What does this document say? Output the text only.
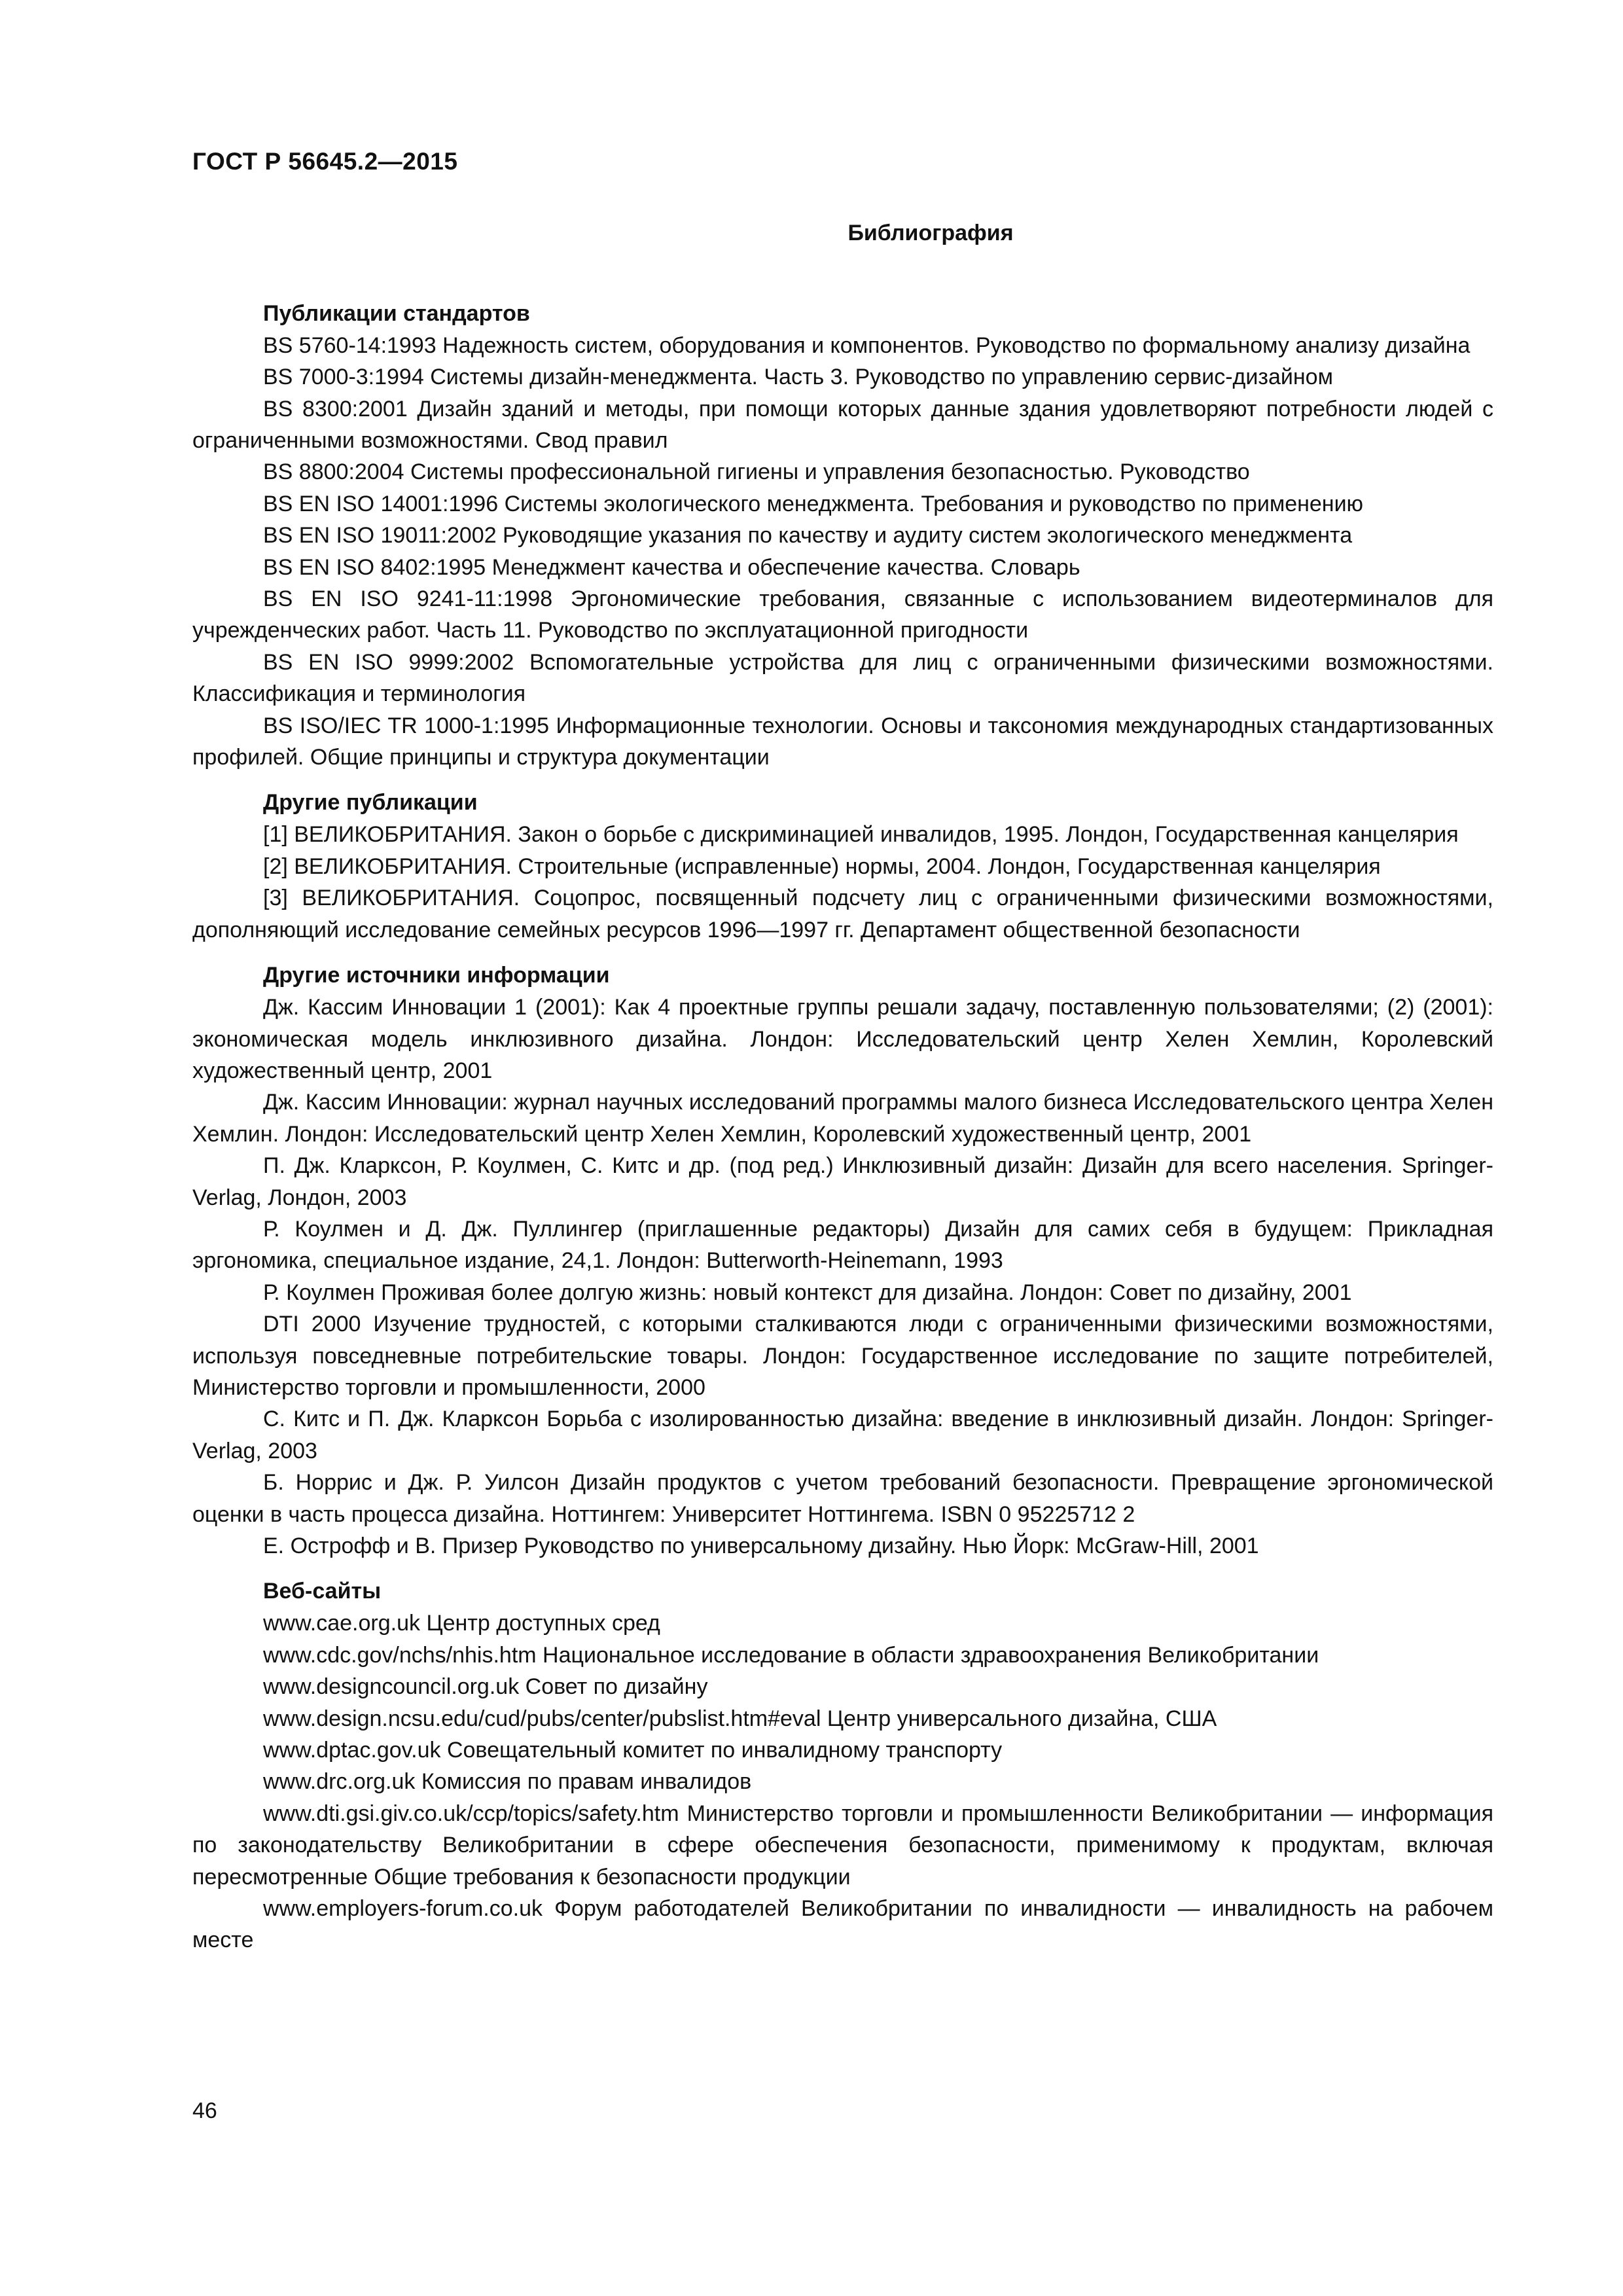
ГОСТ Р 56645.2—2015
Библиография
Публикации стандартов

BS 5760-14:1993 Надежность систем, оборудования и компонентов. Руководство по формальному анализу дизайна

BS 7000-3:1994 Системы дизайн-менеджмента. Часть 3. Руководство по управлению сервис-дизайном

BS 8300:2001 Дизайн зданий и методы, при помощи которых данные здания удовлетворяют потребности людей с ограниченными возможностями. Свод правил

BS 8800:2004 Системы профессиональной гигиены и управления безопасностью. Руководство

BS EN ISO 14001:1996 Системы экологического менеджмента. Требования и руководство по применению

BS EN ISO 19011:2002 Руководящие указания по качеству и аудиту систем экологического менеджмента

BS EN ISO 8402:1995 Менеджмент качества и обеспечение качества. Словарь

BS EN ISO 9241-11:1998 Эргономические требования, связанные с использованием видеотерминалов для учрежденческих работ. Часть 11. Руководство по эксплуатационной пригодности

BS EN ISO 9999:2002 Вспомогательные устройства для лиц с ограниченными физическими возможностями. Классификация и терминология

BS ISO/IEC TR 1000-1:1995 Информационные технологии. Основы и таксономия международных стандартизованных профилей. Общие принципы и структура документации

Другие публикации

[1] ВЕЛИКОБРИТАНИЯ. Закон о борьбе с дискриминацией инвалидов, 1995. Лондон, Государственная канцелярия

[2] ВЕЛИКОБРИТАНИЯ. Строительные (исправленные) нормы, 2004. Лондон, Государственная канцелярия

[3] ВЕЛИКОБРИТАНИЯ. Соцопрос, посвященный подсчету лиц с ограниченными физическими возможностями, дополняющий исследование семейных ресурсов 1996—1997 гг. Департамент общественной безопасности

Другие источники информации

Дж. Кассим Инновации 1 (2001): Как 4 проектные группы решали задачу, поставленную пользователями; (2) (2001): экономическая модель инклюзивного дизайна. Лондон: Исследовательский центр Хелен Хемлин, Королевский художественный центр, 2001

Дж. Кассим Инновации: журнал научных исследований программы малого бизнеса Исследовательского центра Хелен Хемлин. Лондон: Исследовательский центр Хелен Хемлин, Королевский художественный центр, 2001

П. Дж. Кларксон, Р. Коулмен, С. Китс и др. (под ред.) Инклюзивный дизайн: Дизайн для всего населения. Springer-Verlag, Лондон, 2003

Р. Коулмен и Д. Дж. Пуллингер (приглашенные редакторы) Дизайн для самих себя в будущем: Прикладная эргономика, специальное издание, 24,1. Лондон: Butterworth-Heinemann, 1993

Р. Коулмен Проживая более долгую жизнь: новый контекст для дизайна. Лондон: Совет по дизайну, 2001

DTI 2000 Изучение трудностей, с которыми сталкиваются люди с ограниченными физическими возможностями, используя повседневные потребительские товары. Лондон: Государственное исследование по защите потребителей, Министерство торговли и промышленности, 2000

С. Китс и П. Дж. Кларксон Борьба с изолированностью дизайна: введение в инклюзивный дизайн. Лондон: Springer-Verlag, 2003

Б. Норрис и Дж. Р. Уилсон Дизайн продуктов с учетом требований безопасности. Превращение эргономической оценки в часть процесса дизайна. Ноттингем: Университет Ноттингема. ISBN 0 95225712 2

Е. Острофф и В. Призер Руководство по универсальному дизайну. Нью Йорк: McGraw-Hill, 2001

Веб-сайты

www.cae.org.uk Центр доступных сред

www.cdc.gov/nchs/nhis.htm Национальное исследование в области здравоохранения Великобритании

www.designcouncil.org.uk Совет по дизайну

www.design.ncsu.edu/cud/pubs/center/pubslist.htm#eval Центр универсального дизайна, США

www.dptac.gov.uk Совещательный комитет по инвалидному транспорту

www.drc.org.uk Комиссия по правам инвалидов

www.dti.gsi.giv.co.uk/ccp/topics/safety.htm Министерство торговли и промышленности Великобритании — информация по законодательству Великобритании в сфере обеспечения безопасности, применимому к продуктам, включая пересмотренные Общие требования к безопасности продукции

www.employers-forum.co.uk Форум работодателей Великобритании по инвалидности — инвалидность на рабочем месте

46
